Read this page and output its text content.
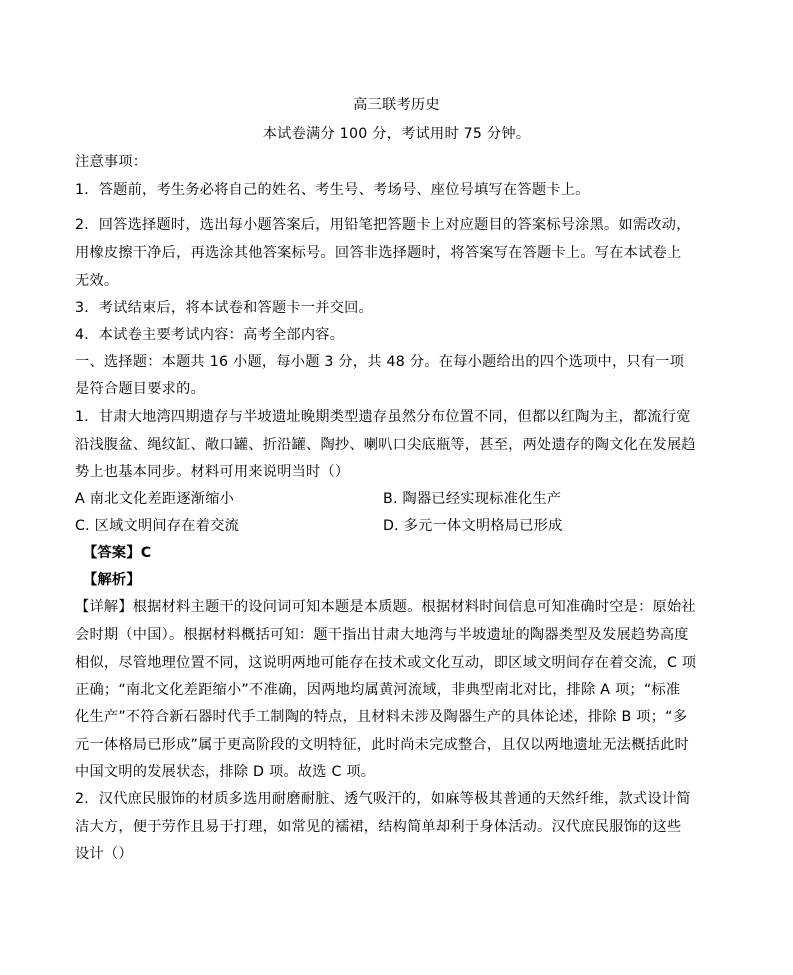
高三联考历史
本试卷满分 100 分，考试用时 75 分钟。
注意事项：
1．答题前，考生务必将自己的姓名、考生号、考场号、座位号填写在答题卡上。
2．回答选择题时，选出每小题答案后，用铅笔把答题卡上对应题目的答案标号涂黑。如需改动，
用橡皮擦干净后，再选涂其他答案标号。回答非选择题时，将答案写在答题卡上。写在本试卷上
无效。
3．考试结束后，将本试卷和答题卡一并交回。
4．本试卷主要考试内容：高考全部内容。
一、选择题：本题共 16 小题，每小题 3 分，共 48 分。在每小题给出的四个选项中，只有一项
是符合题目要求的。
1．甘肃大地湾四期遗存与半坡遗址晚期类型遗存虽然分布位置不同，但都以红陶为主，都流行宽
沿浅腹盆、绳纹缸、敞口罐、折沿罐、陶抄、喇叭口尖底瓶等，甚至，两处遗存的陶文化在发展趋
势上也基本同步。材料可用来说明当时（）
A 南北文化差距逐渐缩小	B. 陶器已经实现标准化生产
C. 区域文明间存在着交流	D. 多元一体文明格局已形成
【答案】C
【解析】
【详解】根据材料主题干的设问词可知本题是本质题。根据材料时间信息可知准确时空是：原始社
会时期（中国）。根据材料概括可知：题干指出甘肃大地湾与半坡遗址的陶器类型及发展趋势高度
相似，尽管地理位置不同，这说明两地可能存在技术或文化互动，即区域文明间存在着交流，C 项
正确；“南北文化差距缩小”不准确，因两地均属黄河流域，非典型南北对比，排除 A 项；“标准
化生产”不符合新石器时代手工制陶的特点，且材料未涉及陶器生产的具体论述，排除 B 项；“多
元一体格局已形成”属于更高阶段的文明特征，此时尚未完成整合，且仅以两地遗址无法概括此时
中国文明的发展状态，排除 D 项。故选 C 项。
2．汉代庶民服饰的材质多选用耐磨耐脏、透气吸汗的，如麻等极其普通的天然纤维，款式设计简
洁大方，便于劳作且易于打理，如常见的襦裙，结构简单却利于身体活动。汉代庶民服饰的这些
设计（）
